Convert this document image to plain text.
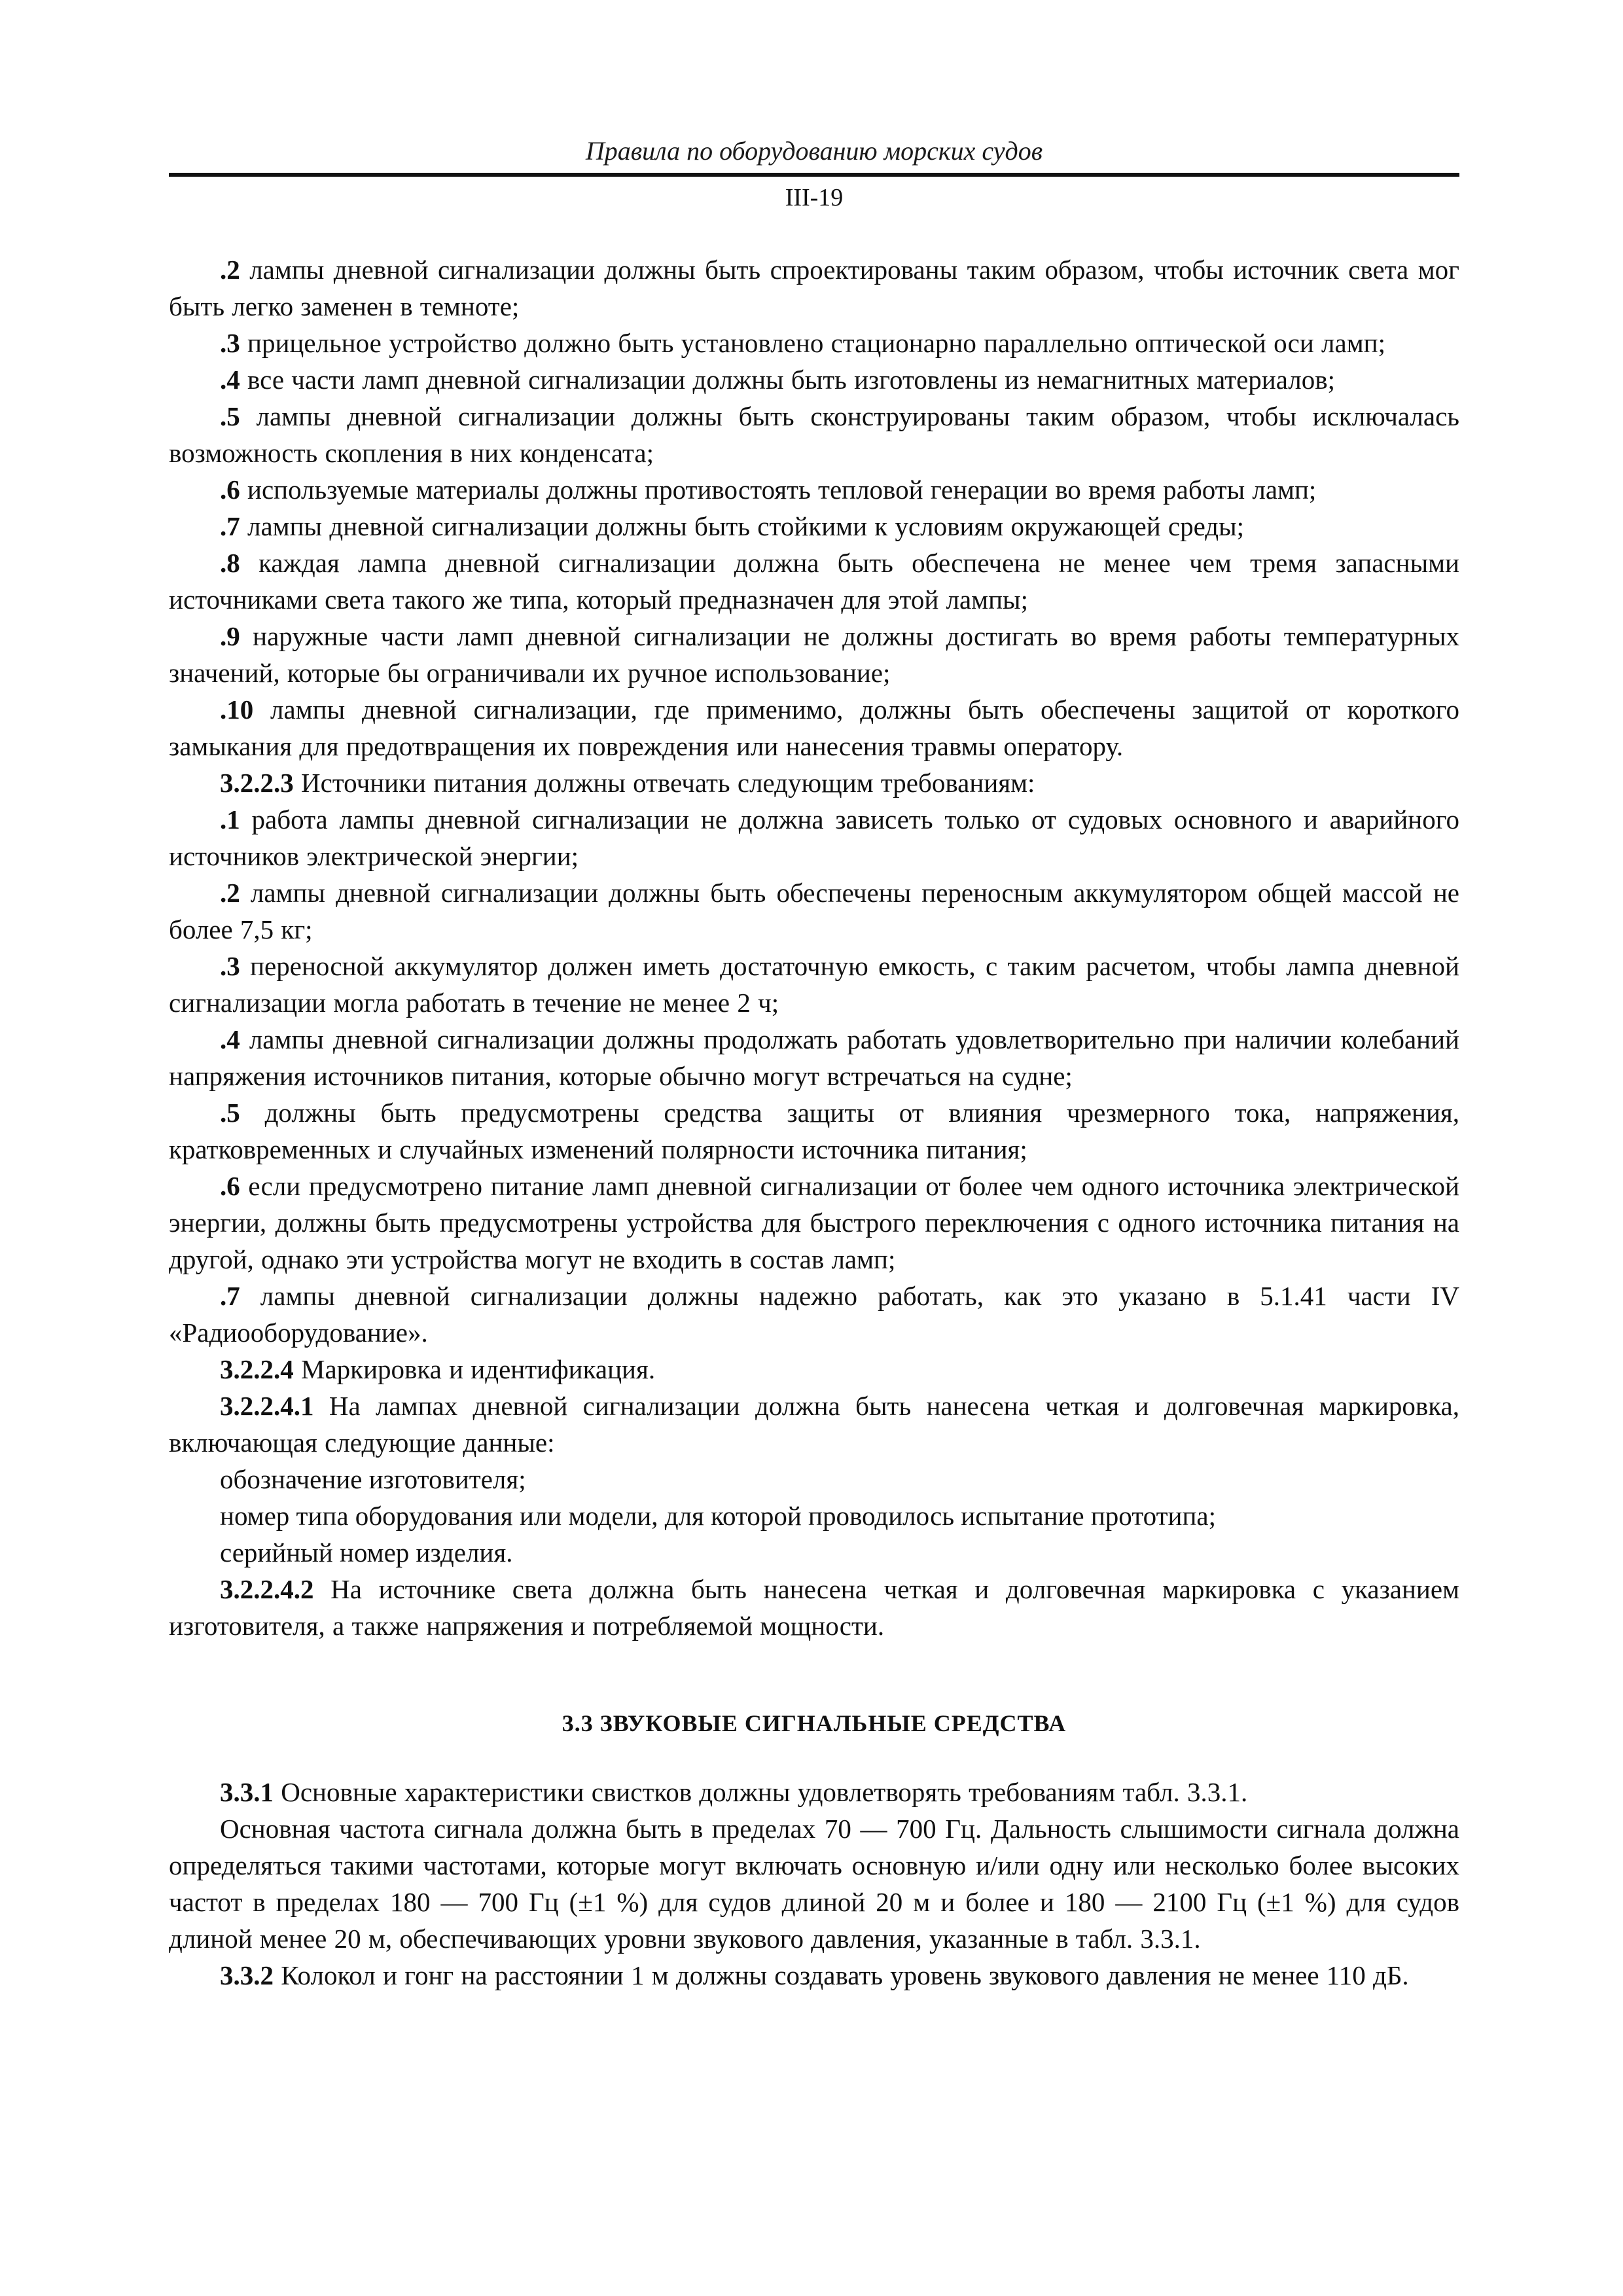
Правила по оборудованию морских судов
III-19

.2 лампы дневной сигнализации должны быть спроектированы таким образом, чтобы источник света мог быть легко заменен в темноте;

.3 прицельное устройство должно быть установлено стационарно параллельно оптической оси ламп;

.4 все части ламп дневной сигнализации должны быть изготовлены из немагнитных материалов;

.5 лампы дневной сигнализации должны быть сконструированы таким образом, чтобы исключалась возможность скопления в них конденсата;

.6 используемые материалы должны противостоять тепловой генерации во время работы ламп;

.7 лампы дневной сигнализации должны быть стойкими к условиям окружающей среды;

.8 каждая лампа дневной сигнализации должна быть обеспечена не менее чем тремя запасными источниками света такого же типа, который предназначен для этой лампы;

.9 наружные части ламп дневной сигнализации не должны достигать во время работы температурных значений, которые бы ограничивали их ручное использование;

.10 лампы дневной сигнализации, где применимо, должны быть обеспечены защитой от короткого замыкания для предотвращения их повреждения или нанесения травмы оператору.

3.2.2.3 Источники питания должны отвечать следующим требованиям:

.1 работа лампы дневной сигнализации не должна зависеть только от судовых основного и аварийного источников электрической энергии;

.2 лампы дневной сигнализации должны быть обеспечены переносным аккумулятором общей массой не более 7,5 кг;

.3 переносной аккумулятор должен иметь достаточную емкость, с таким расчетом, чтобы лампа дневной сигнализации могла работать в течение не менее 2 ч;

.4 лампы дневной сигнализации должны продолжать работать удовлетворительно при наличии колебаний напряжения источников питания, которые обычно могут встречаться на судне;

.5 должны быть предусмотрены средства защиты от влияния чрезмерного тока, напряжения, кратковременных и случайных изменений полярности источника питания;

.6 если предусмотрено питание ламп дневной сигнализации от более чем одного источника электрической энергии, должны быть предусмотрены устройства для быстрого переключения с одного источника питания на другой, однако эти устройства могут не входить в состав ламп;

.7 лампы дневной сигнализации должны надежно работать, как это указано в 5.1.41 части IV «Радиооборудование».

3.2.2.4 Маркировка и идентификация.

3.2.2.4.1 На лампах дневной сигнализации должна быть нанесена четкая и долговечная маркировка, включающая следующие данные:

обозначение изготовителя;

номер типа оборудования или модели, для которой проводилось испытание прототипа;

серийный номер изделия.

3.2.2.4.2 На источнике света должна быть нанесена четкая и долговечная маркировка с указанием изготовителя, а также напряжения и потребляемой мощности.

3.3 ЗВУКОВЫЕ СИГНАЛЬНЫЕ СРЕДСТВА

3.3.1 Основные характеристики свистков должны удовлетворять требованиям табл. 3.3.1.

Основная частота сигнала должна быть в пределах 70 — 700 Гц. Дальность слышимости сигнала должна определяться такими частотами, которые могут включать основную и/или одну или несколько более высоких частот в пределах 180 — 700 Гц (±1 %) для судов длиной 20 м и более и 180 — 2100 Гц (±1 %) для судов длиной менее 20 м, обеспечивающих уровни звукового давления, указанные в табл. 3.3.1.

3.3.2 Колокол и гонг на расстоянии 1 м должны создавать уровень звукового давления не менее 110 дБ.
